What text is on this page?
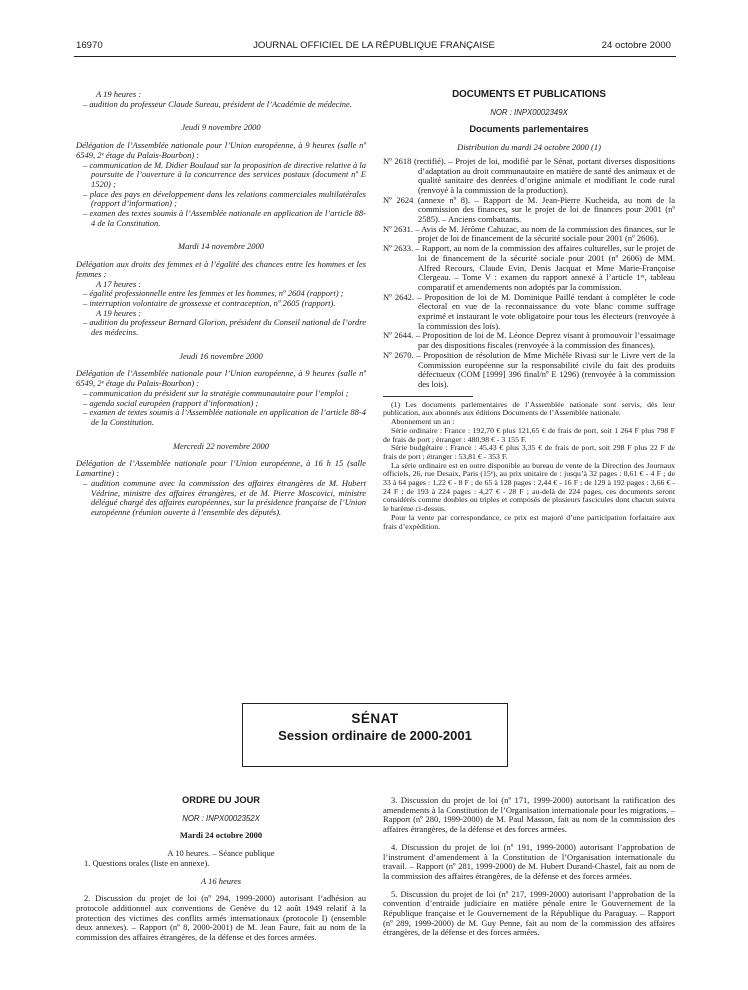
16970	JOURNAL OFFICIEL DE LA RÉPUBLIQUE FRANÇAISE	24 octobre 2000

A 19 heures :

– audition du professeur Claude Sureau, président de l’Académie de médecine.

Jeudi 9 novembre 2000

Délégation de l’Assemblée nationale pour l’Union européenne, à 9 heures (salle nº 6549, 2ᵉ étage du Palais-Bourbon) :

– communication de M. Didier Boulaud sur la proposition de directive relative à la poursuite de l’ouverture à la concurrence des services postaux (document nº E 1520) ;

– place des pays en développement dans les relations commerciales multilatérales (rapport d’information) ;

– examen des textes soumis à l’Assemblée nationale en application de l’article 88-4 de la Constitution.

Mardi 14 novembre 2000

Délégation aux droits des femmes et à l’égalité des chances entre les hommes et les femmes :

A 17 heures :

– égalité professionnelle entre les femmes et les hommes, nº 2604 (rapport) ;

– interruption volontaire de grossesse et contraception, nº 2605 (rapport).

A 19 heures :

– audition du professeur Bernard Glorion, président du Conseil national de l’ordre des médecins.

Jeudi 16 novembre 2000

Délégation de l’Assemblée nationale pour l’Union européenne, à 9 heures (salle nº 6549, 2ᵉ étage du Palais-Bourbon) :

– communication du président sur la stratégie communautaire pour l’emploi ;

– agenda social européen (rapport d’information) ;

– examen de textes soumis à l’Assemblée nationale en application de l’article 88-4 de la Constitution.

Mercredi 22 novembre 2000

Délégation de l’Assemblée nationale pour l’Union européenne, à 16 h 15 (salle Lamartine) :

– audition commune avec la commission des affaires étrangères de M. Hubert Védrine, ministre des affaires étrangères, et de M. Pierre Moscovici, ministre délégué chargé des affaires européennes, sur la présidence française de l’Union européenne (réunion ouverte à l’ensemble des députés).

DOCUMENTS ET PUBLICATIONS

NOR : INPX0002349X

Documents parlementaires

Distribution du mardi 24 octobre 2000 (1)

Nº 2618 (rectifié). – Projet de loi, modifié par le Sénat, portant diverses dispositions d’adaptation au droit communautaire en matière de santé des animaux et de qualité sanitaire des denrées d’origine animale et modifiant le code rural (renvoyé à la commission de la production).

Nº 2624 (annexe nº 8). – Rapport de M. Jean-Pierre Kucheida, au nom de la commission des finances, sur le projet de loi de finances pour 2001 (nº 2585). – Anciens combattants.

Nº 2631. – Avis de M. Jérôme Cahuzac, au nom de la commission des finances, sur le projet de loi de financement de la sécurité sociale pour 2001 (nº 2606).

Nº 2633. – Rapport, au nom de la commission des affaires culturelles, sur le projet de loi de financement de la sécurité sociale pour 2001 (nº 2606) de MM. Alfred Recours, Claude Evin, Denis Jacquat et Mme Marie-Françoise Clergeau. – Tome V : examen du rapport annexé à l’article 1ᵉʳ, tableau comparatif et amendements non adoptés par la commission.

Nº 2642. – Proposition de loi de M. Dominique Paillé tendant à compléter le code électoral en vue de la reconnaissance du vote blanc comme suffrage exprimé et instaurant le vote obligatoire pour tous les électeurs (renvoyée à la commission des lois).

Nº 2644. – Proposition de loi de M. Léonce Deprez visant à promouvoir l’essaimage par des dispositions fiscales (renvoyée à la commission des finances).

Nº 2670. – Proposition de résolution de Mme Michèle Rivasi sur le Livre vert de la Commission européenne sur la responsabilité civile du fait des produits défectueux (COM [1999] 396 final/nº E 1296) (renvoyée à la commission des lois).

(1) Les documents parlementaires de l’Assemblée nationale sont servis, dès leur publication, aux abonnés aux éditions Documents de l’Assemblée nationale.

Abonnement un an :

Série ordinaire : France : 192,70 € plus 121,65 € de frais de port, soit 1 264 F plus 798 F de frais de port ; étranger : 480,98 € - 3 155 F.

Série budgétaire : France : 45,43 € plus 3,35 € de frais de port, soit 298 F plus 22 F de frais de port ; étranger : 53,81 € - 353 F.

La série ordinaire est en outre disponible au bureau de vente de la Direction des Journaux officiels, 26, rue Desaix, Paris (15ᵉ), au prix unitaire de : jusqu’à 32 pages : 0,61 € - 4 F ; de 33 à 64 pages : 1,22 € - 8 F ; de 65 à 128 pages : 2,44 € - 16 F ; de 129 à 192 pages : 3,66 € - 24 F ; de 193 à 224 pages : 4,27 € - 28 F ; au-delà de 224 pages, ces documents seront considérés comme doubles ou triples et composés de plusieurs fascicules dont chacun suivra le barème ci-dessus.

Pour la vente par correspondance, ce prix est majoré d’une participation forfaitaire aux frais d’expédition.

SÉNAT
Session ordinaire de 2000-2001

ORDRE DU JOUR

NOR : INPX0002352X

Mardi 24 octobre 2000

A 10 heures. – Séance publique

1. Questions orales (liste en annexe).

A 16 heures

2. Discussion du projet de loi (nº 294, 1999-2000) autorisant l’adhésion au protocole additionnel aux conventions de Genève du 12 août 1949 relatif à la protection des victimes des conflits armés internationaux (protocole I) (ensemble deux annexes). – Rapport (nº 8, 2000-2001) de M. Jean Faure, fait au nom de la commission des affaires étrangères, de la défense et des forces armées.

3. Discussion du projet de loi (nº 171, 1999-2000) autorisant la ratification des amendements à la Constitution de l’Organisation internationale pour les migrations. – Rapport (nº 280, 1999-2000) de M. Paul Masson, fait au nom de la commission des affaires étrangères, de la défense et des forces armées.

4. Discussion du projet de loi (nº 191, 1999-2000) autorisant l’approbation de l’instrument d’amendement à la Constitution de l’Organisation internationale du travail. – Rapport (nº 281, 1999-2000) de M. Hubert Durand-Chastel, fait au nom de la commission des affaires étrangères, de la défense et des forces armées.

5. Discussion du projet de loi (nº 217, 1999-2000) autorisant l’approbation de la convention d’entraide judiciaire en matière pénale entre le Gouvernement de la République française et le Gouvernement de la République du Paraguay. – Rapport (nº 289, 1999-2000) de M. Guy Penne, fait au nom de la commission des affaires étrangères, de la défense et des forces armées.
